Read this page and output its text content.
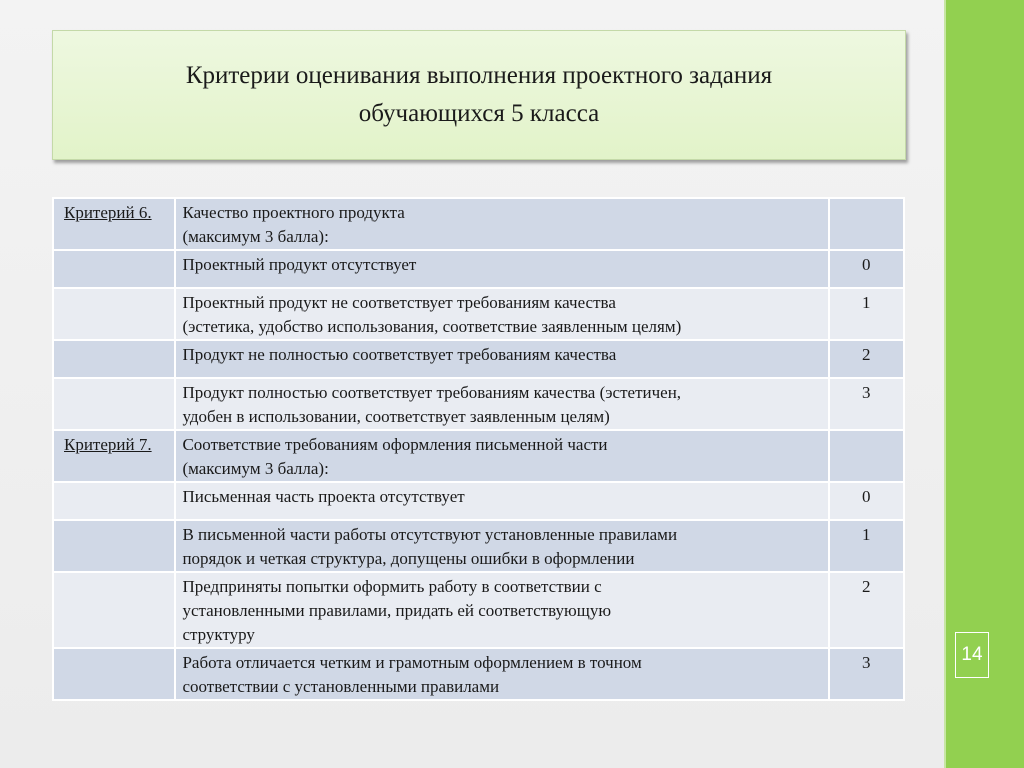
Критерии оценивания выполнения проектного задания
обучающихся 5 класса
Критерий 6.	Качество проектного продукта
(максимум 3 балла):	
	Проектный продукт отсутствует	0
	Проектный продукт не соответствует требованиям качества
(эстетика, удобство использования, соответствие заявленным целям)	1
	Продукт не полностью соответствует требованиям качества	2
	Продукт полностью соответствует требованиям качества (эстетичен,
удобен в использовании, соответствует заявленным целям)	3
Критерий 7.	Соответствие требованиям оформления письменной части
(максимум 3 балла):	
	Письменная часть проекта отсутствует	0
	В письменной части работы отсутствуют установленные правилами
порядок и четкая структура, допущены ошибки в оформлении	1
	Предприняты попытки оформить работу в соответствии с
установленными правилами, придать ей соответствующую
структуру	2
	Работа отличается четким и грамотным оформлением в точном
соответствии с установленными правилами	3	14
